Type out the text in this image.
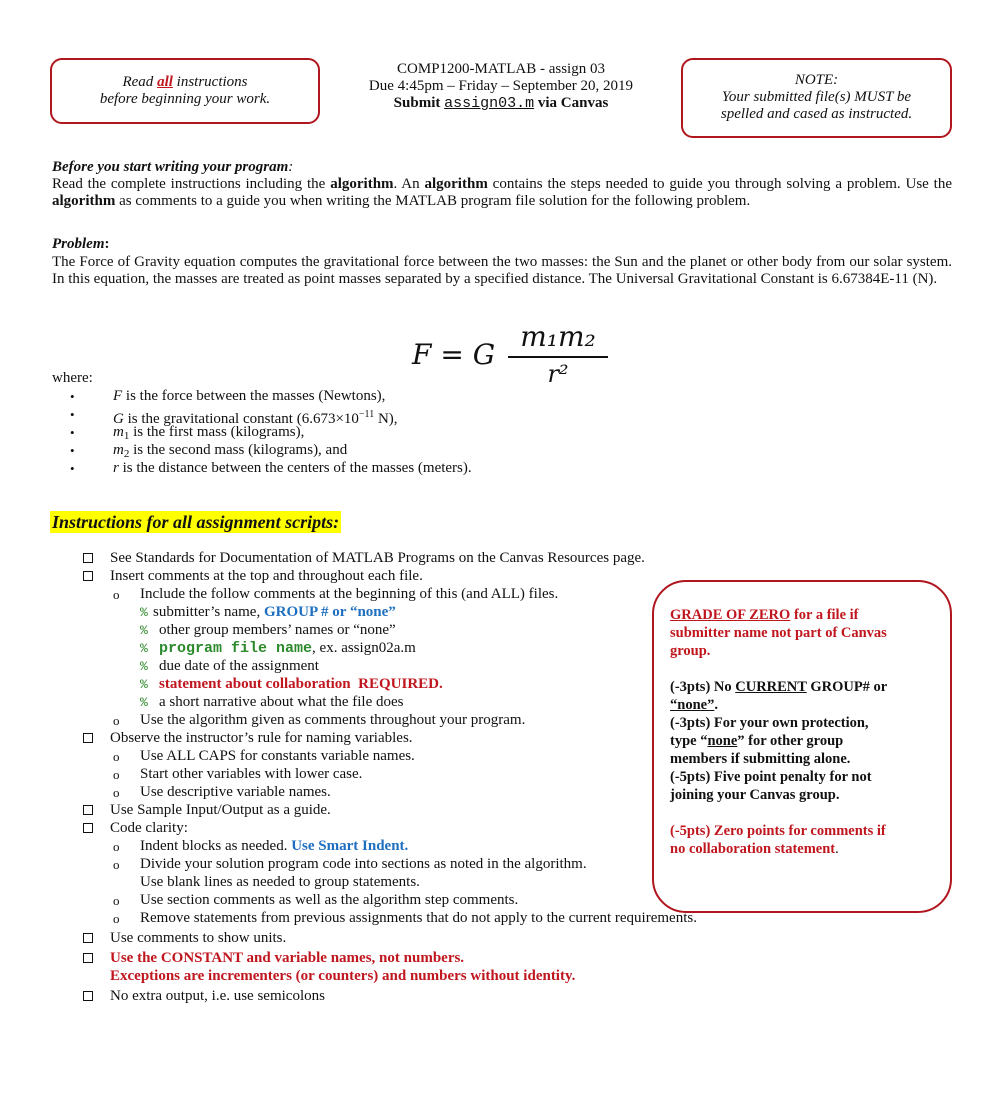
Read all instructions
before beginning your work.
COMP1200-MATLAB - assign 03
Due 4:45pm – Friday – September 20, 2019
Submit assign03.m via Canvas
NOTE:
Your submitted file(s) MUST be
spelled and cased as instructed.
Before you start writing your program:
Read the complete instructions including the algorithm. An algorithm contains the steps needed to guide you through solving a problem. Use the algorithm as comments to a guide you when writing the MATLAB program file solution for the following problem.
Problem:
The Force of Gravity equation computes the gravitational force between the two masses: the Sun and the planet or other body from our solar system. In this equation, the masses are treated as point masses separated by a specified distance. The Universal Gravitational Constant is 6.67384E-11 (N).
F = G
m₁m₂
r²
where:
•	F is the force between the masses (Newtons),
•	G is the gravitational constant ($6.673\times 10^{-11}$ N),
•	$m_1$ is the first mass (kilograms),
•	$m_2$ is the second mass (kilograms), and
•	r is the distance between the centers of the masses (meters).
Instructions for all assignment scripts:
See Standards for Documentation of MATLAB Programs on the Canvas Resources page.
Insert comments at the top and throughout each file.
o Include the follow comments at the beginning of this (and ALL) files.
% submitter’s name, GROUP # or “none”
% other group members’ names or “none”
% program file name, ex. assign02a.m
% due date of the assignment
% statement about collaboration REQUIRED.
% a short narrative about what the file does
o Use the algorithm given as comments throughout your program.
Observe the instructor’s rule for naming variables.
o Use ALL CAPS for constants variable names.
o Start other variables with lower case.
o Use descriptive variable names.
Use Sample Input/Output as a guide.
Code clarity:
o Indent blocks as needed. Use Smart Indent.
o Divide your solution program code into sections as noted in the algorithm.
Use blank lines as needed to group statements.
o Use section comments as well as the algorithm step comments.
o Remove statements from previous assignments that do not apply to the current requirements.
Use comments to show units.
Use the CONSTANT and variable names, not numbers.
Exceptions are incrementers (or counters) and numbers without identity.
No extra output, i.e. use semicolons
GRADE OF ZERO for a file if
submitter name not part of Canvas
group.
(-3pts) No CURRENT GROUP# or
“none”.
(-3pts) For your own protection,
type “none” for other group
members if submitting alone.
(-5pts) Five point penalty for not
joining your Canvas group.
(-5pts) Zero points for comments if
no collaboration statement.
